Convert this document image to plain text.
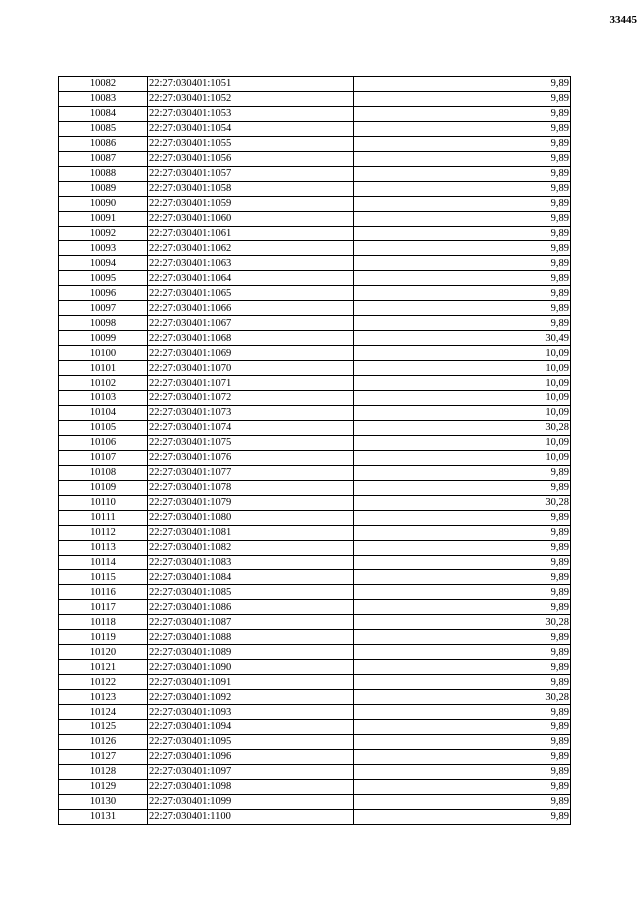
33445
10082	22:27:030401:1051	9,89
10083	22:27:030401:1052	9,89
10084	22:27:030401:1053	9,89
10085	22:27:030401:1054	9,89
10086	22:27:030401:1055	9,89
10087	22:27:030401:1056	9,89
10088	22:27:030401:1057	9,89
10089	22:27:030401:1058	9,89
10090	22:27:030401:1059	9,89
10091	22:27:030401:1060	9,89
10092	22:27:030401:1061	9,89
10093	22:27:030401:1062	9,89
10094	22:27:030401:1063	9,89
10095	22:27:030401:1064	9,89
10096	22:27:030401:1065	9,89
10097	22:27:030401:1066	9,89
10098	22:27:030401:1067	9,89
10099	22:27:030401:1068	30,49
10100	22:27:030401:1069	10,09
10101	22:27:030401:1070	10,09
10102	22:27:030401:1071	10,09
10103	22:27:030401:1072	10,09
10104	22:27:030401:1073	10,09
10105	22:27:030401:1074	30,28
10106	22:27:030401:1075	10,09
10107	22:27:030401:1076	10,09
10108	22:27:030401:1077	9,89
10109	22:27:030401:1078	9,89
10110	22:27:030401:1079	30,28
10111	22:27:030401:1080	9,89
10112	22:27:030401:1081	9,89
10113	22:27:030401:1082	9,89
10114	22:27:030401:1083	9,89
10115	22:27:030401:1084	9,89
10116	22:27:030401:1085	9,89
10117	22:27:030401:1086	9,89
10118	22:27:030401:1087	30,28
10119	22:27:030401:1088	9,89
10120	22:27:030401:1089	9,89
10121	22:27:030401:1090	9,89
10122	22:27:030401:1091	9,89
10123	22:27:030401:1092	30,28
10124	22:27:030401:1093	9,89
10125	22:27:030401:1094	9,89
10126	22:27:030401:1095	9,89
10127	22:27:030401:1096	9,89
10128	22:27:030401:1097	9,89
10129	22:27:030401:1098	9,89
10130	22:27:030401:1099	9,89
10131	22:27:030401:1100	9,89
